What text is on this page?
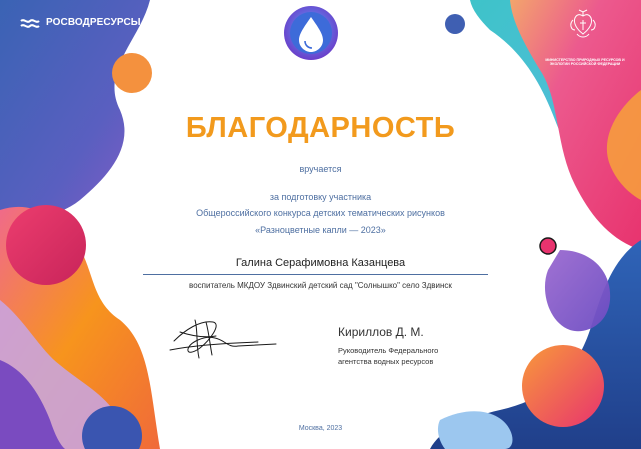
РОСВОДРЕСУРСЫ
МИНИСТЕРСТВО ПРИРОДНЫХ РЕСУРСОВ И ЭКОЛОГИИ РОССИЙСКОЙ ФЕДЕРАЦИИ
БЛАГОДАРНОСТЬ
вручается
за подготовку участника
Общероссийского конкурса детских тематических рисунков
«Разноцветные капли — 2023»
Галина Серафимовна Казанцева
воспитатель МКДОУ Здвинский детский сад "Солнышко" село Здвинск
Кириллов Д. М.
Руководитель Федерального
агентства водных ресурсов
Москва, 2023
